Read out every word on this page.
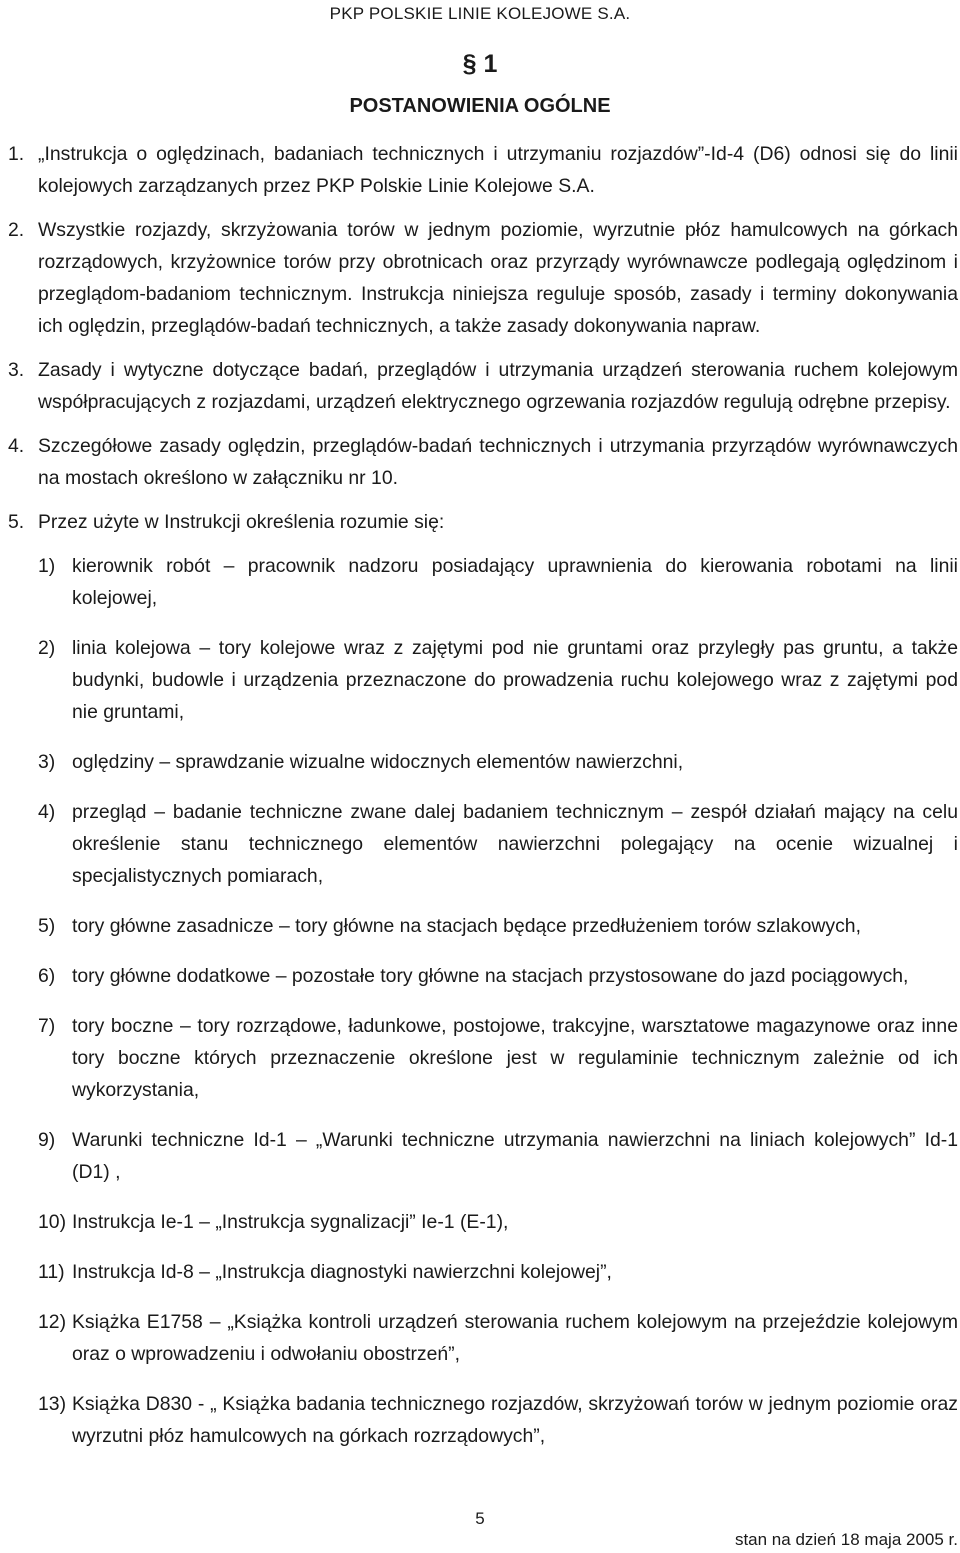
PKP POLSKIE LINIE KOLEJOWE S.A.
§ 1
POSTANOWIENIA OGÓLNE
1. „Instrukcja o oględzinach, badaniach technicznych i utrzymaniu rozjazdów”-Id-4 (D6) odnosi się do linii kolejowych zarządzanych przez PKP Polskie Linie Kolejowe S.A.
2. Wszystkie rozjazdy, skrzyżowania torów w jednym poziomie, wyrzutnie płóz hamulcowych na górkach rozrządowych, krzyżownice torów przy obrotnicach oraz przyrządy wyrównawcze podlegają oględzinom i przeglądom-badaniom technicznym. Instrukcja niniejsza reguluje sposób, zasady i terminy dokonywania ich oględzin, przeglądów-badań technicznych, a także zasady dokonywania napraw.
3. Zasady i wytyczne dotyczące badań, przeglądów i utrzymania urządzeń sterowania ruchem kolejowym współpracujących z rozjazdami, urządzeń elektrycznego ogrzewania rozjazdów regulują odrębne przepisy.
4. Szczegółowe zasady oględzin, przeglądów-badań technicznych i utrzymania przyrządów wyrównawczych na mostach określono w załączniku nr 10.
5. Przez użyte w Instrukcji określenia rozumie się:
1) kierownik robót – pracownik nadzoru posiadający uprawnienia do kierowania robotami na linii kolejowej,
2) linia kolejowa – tory kolejowe wraz z zajętymi pod nie gruntami oraz przyległy pas gruntu, a także budynki, budowle i urządzenia przeznaczone do prowadzenia ruchu kolejowego wraz z zajętymi pod nie gruntami,
3) oględziny – sprawdzanie wizualne widocznych elementów nawierzchni,
4) przegląd – badanie techniczne zwane dalej badaniem technicznym – zespół działań mający na celu określenie stanu technicznego elementów nawierzchni polegający na ocenie wizualnej i specjalistycznych pomiarach,
5) tory główne zasadnicze – tory główne na stacjach będące przedłużeniem torów szlakowych,
6) tory główne dodatkowe – pozostałe tory główne na stacjach przystosowane do jazd pociągowych,
7) tory boczne – tory rozrządowe, ładunkowe, postojowe, trakcyjne, warsztatowe magazynowe oraz inne tory boczne których przeznaczenie określone jest w regulaminie technicznym zależnie od ich wykorzystania,
9) Warunki techniczne Id-1 – „Warunki techniczne utrzymania nawierzchni na liniach kolejowych” Id-1 (D1) ,
10) Instrukcja Ie-1 – „Instrukcja sygnalizacji” Ie-1 (E-1),
11) Instrukcja Id-8 – „Instrukcja diagnostyki nawierzchni kolejowej”,
12) Książka E1758 – „Książka kontroli urządzeń sterowania ruchem kolejowym na przejeździe kolejowym oraz o wprowadzeniu i odwołaniu obostrzeń”,
13) Książka D830 - „ Książka badania technicznego rozjazdów, skrzyżowań torów w jednym poziomie oraz wyrzutni płóz hamulcowych na górkach rozrządowych”,
5
stan na dzień 18 maja 2005 r.
